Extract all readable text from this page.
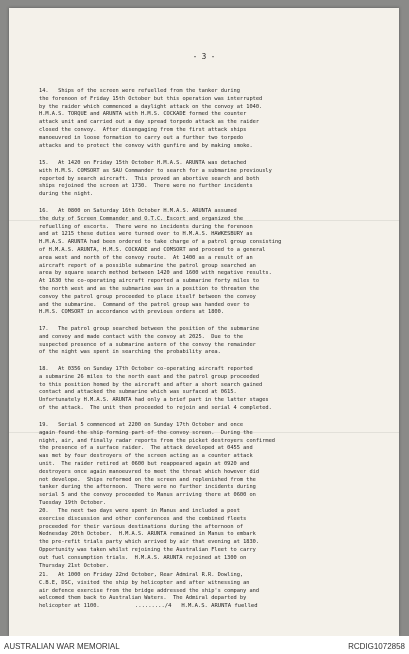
- 3 -
14.   Ships of the screen were refuelled from the tanker during
the forenoon of Friday 15th October but this operation was interrupted
by the raider which commenced a daylight attack on the convoy at 1040.
H.M.A.S. TORQUE and ARUNTA with H.M.S. COCKADE formed the counter
attack unit and carried out a day spread torpedo attack as the raider
closed the convoy.  After disengaging from the first attack ships
manoeuvred in loose formation to carry out a further two torpedo
attacks and to protect the convoy with gunfire and by making smoke.
15.   At 1420 on Friday 15th October H.M.A.S. ARUNTA was detached
with H.M.S. COMSORT as SAU Commander to search for a submarine previously
reported by search aircraft.  This proved an abortive search and both
ships rejoined the screen at 1730.  There were no further incidents
during the night.
16.   At 0800 on Saturday 16th October H.M.A.S. ARUNTA assumed
the duty of Screen Commander and O.T.C. Escort and organized the
refuelling of escorts.  There were no incidents during the forenoon
and at 1215 these duties were turned over to H.M.A.S. HAWKESBURY as
H.M.A.S. ARUNTA had been ordered to take charge of a patrol group consisting
of H.M.A.S. ARUNTA, H.M.S. COCKADE and COMSORT and proceed to a general
area west and north of the convoy route.  At 1400 as a result of an
aircraft report of a possible submarine the patrol group searched an
area by square search method between 1420 and 1600 with negative results.
At 1630 the co-operating aircraft reported a submarine forty miles to
the north west and as the submarine was in a position to threaten the
convoy the patrol group proceeded to place itself between the convoy
and the submarine.  Command of the patrol group was handed over to
H.M.S. COMSORT in accordance with previous orders at 1800.
17.   The patrol group searched between the position of the submarine
and convoy and made contact with the convoy at 2025.  Due to the
suspected presence of a submarine astern of the convoy the remainder
of the night was spent in searching the probability area.
18.   At 0356 on Sunday 17th October co-operating aircraft reported
a submarine 26 miles to the north east and the patrol group proceeded
to this position homed by the aircraft and after a short search gained
contact and attacked the submarine which was surfaced at 0615.
Unfortunately H.M.A.S. ARUNTA had only a brief part in the latter stages
of the attack.  The unit then proceeded to rejoin and serial 4 completed.
19.   Serial 5 commenced at 2200 on Sunday 17th October and once
again found the ship forming part of the convoy screen.  During the
night, air, and finally radar reports from the picket destroyers confirmed
the presence of a surface raider.  The attack developed at 0455 and
was met by four destroyers of the screen acting as a counter attack
unit.  The raider retired at 0600 but reappeared again at 0920 and
destroyers once again manoeuvred to meet the threat which however did
not develope.  Ships reformed on the screen and replenished from the
tanker during the afternoon.  There were no further incidents during
serial 5 and the convoy proceeded to Manus arriving there at 0600 on
Tuesday 19th October.
20.   The next two days were spent in Manus and included a post
exercise discussion and other conferences and the combined fleets
proceeded for their various destinations during the afternoon of
Wednesday 20th October.  H.M.A.S. ARUNTA remained in Manus to embark
the pre-refit trials party which arrived by air that evening at 1830.
Opportunity was taken whilst rejoining the Australian Fleet to carry
out fuel consumption trials.  H.M.A.S. ARUNTA rejoined at 1300 on
Thursday 21st October.
21.   At 1000 on Friday 22nd October, Rear Admiral R.R. Dowling,
C.B.E, DSC, visited the ship by helicopter and after witnessing an
air defence exercise from the bridge addressed the ship's company and
welcomed them back to Australian Waters.  The Admiral departed by
helicopter at 1100.	........./4   H.M.A.S. ARUNTA fuelled
AUSTRALIAN WAR MEMORIAL	RCDIG1072858
